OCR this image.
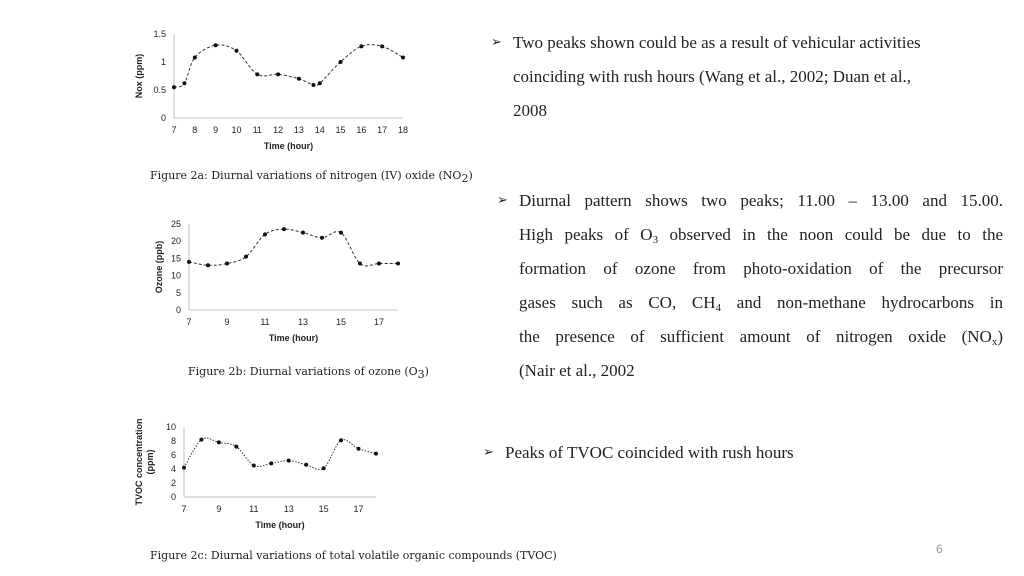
0
0.5
1
1.5
7 8 9 10 11 12 13 14 15 16 17 18
Time (hour)
Nox (ppm)
Figure 2a: Diurnal variations of nitrogen (IV) oxide $(NO_2)$
0
5
10
15
20
25
7	9	11	13	15	17
Time (hour)
Ozone (ppb)
Figure 2b: Diurnal variations of ozone $(O_3)$
0
2
4
6
8
10
7	9	11	13	15	17
Time (hour)
TVOC concentration (ppm)
Figure 2c: Diurnal variations of total volatile organic compounds (TVOC)
➢ Two peaks shown could be as a result of vehicular activities

coinciding with rush hours (Wang et al., 2002; Duan et al.,

2008

➢ Diurnal pattern shows two peaks; 11.00 – 13.00 and 15.00.

High peaks of $O_3$ observed in the noon could be due to the

formation of ozone from photo-oxidation of the precursor

gases such as CO, $CH_4$ and non-methane hydrocarbons in

the presence of sufficient amount of nitrogen oxide $(NO_x)$

(Nair et al., 2002

➢ Peaks of TVOC coincided with rush hours

6
